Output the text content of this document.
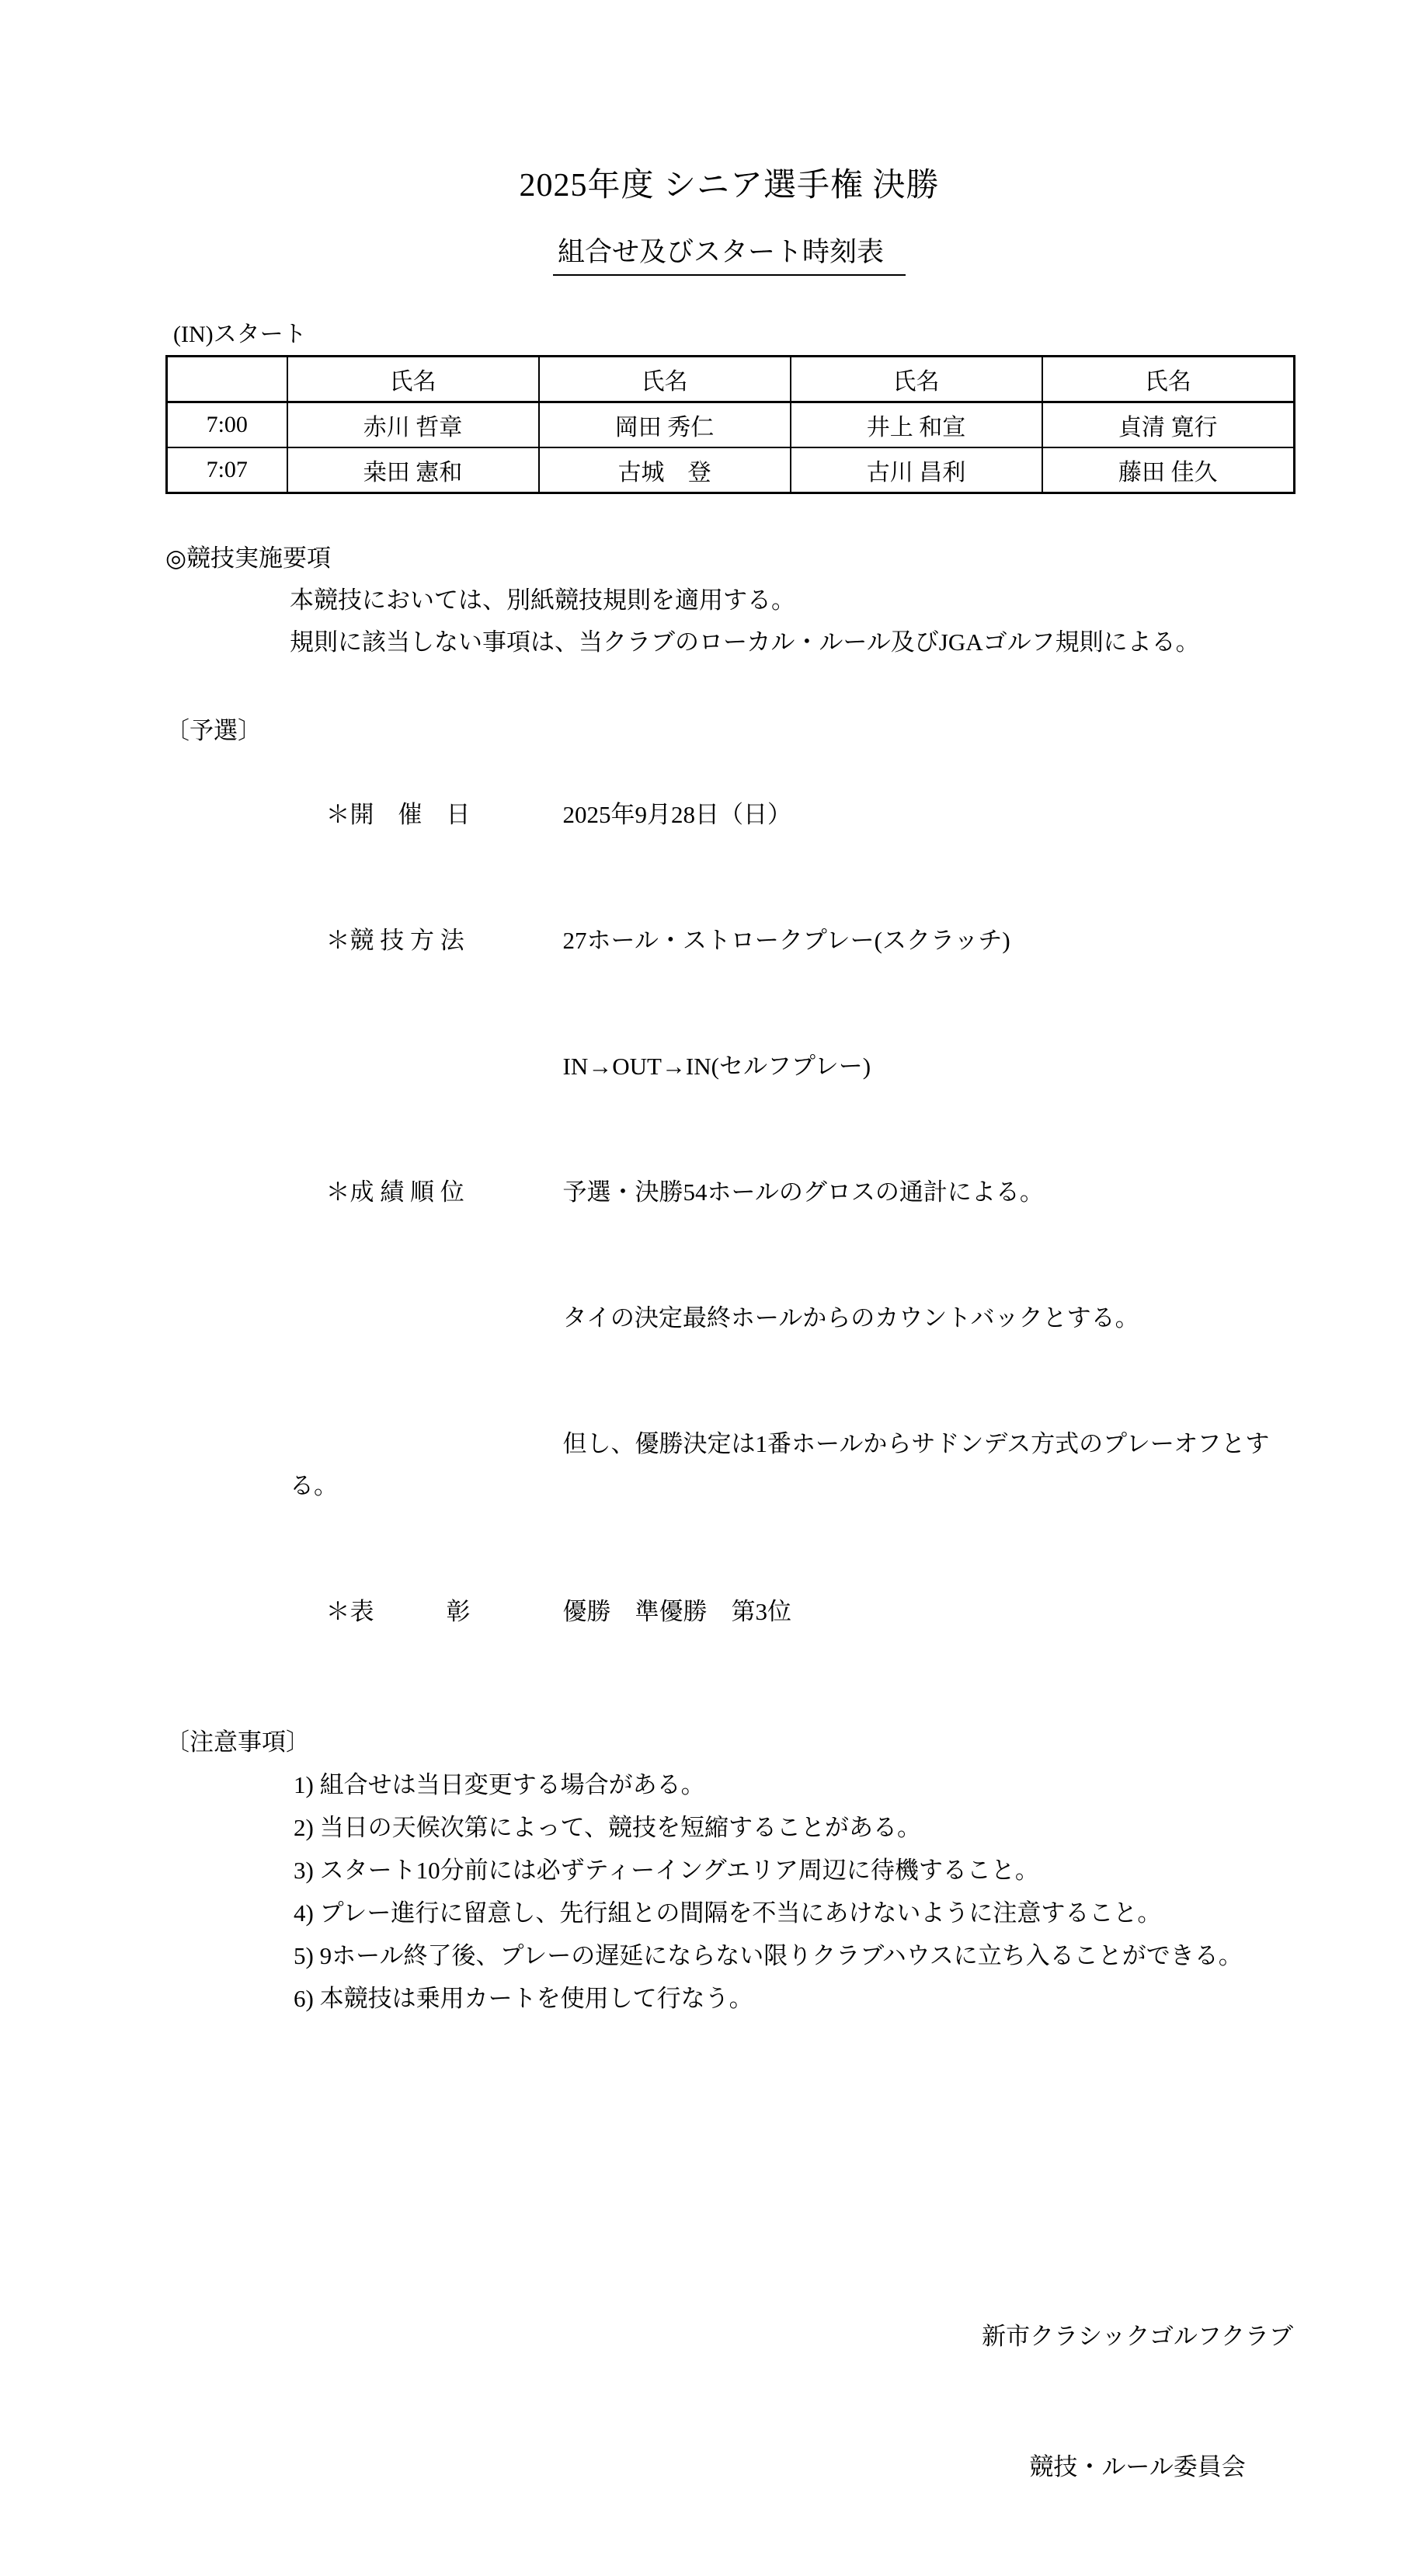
2025年度 シニア選手権 決勝
組合せ及びスタート時刻表
(IN)スタート
	氏名	氏名	氏名	氏名
7:00	赤川 哲章	岡田 秀仁	井上 和宣	貞清 寛行
7:07	桒田 憲和	古城　登	古川 昌利	藤田 佳久
◎競技実施要項
本競技においては、別紙競技規則を適用する。
規則に該当しない事項は、当クラブのローカル・ルール及びJGAゴルフ規則による。
〔予選〕

＊開　催　日	2025年9月28日（日）

＊競 技 方 法	27ホール・ストロークプレー(スクラッチ)

IN→OUT→IN(セルフプレー)

＊成 績 順 位	予選・決勝54ホールのグロスの通計による。

タイの決定最終ホールからのカウントバックとする。

但し、優勝決定は1番ホールからサドンデス方式のプレーオフとする。

＊表　　　彰	優勝　準優勝　第3位

〔注意事項〕
1) 組合せは当日変更する場合がある。
2) 当日の天候次第によって、競技を短縮することがある。
3) スタート10分前には必ずティーイングエリア周辺に待機すること。
4) プレー進行に留意し、先行組との間隔を不当にあけないように注意すること。
5) 9ホール終了後、プレーの遅延にならない限りクラブハウスに立ち入ることができる。
6) 本競技は乗用カートを使用して行なう。

新市クラシックゴルフクラブ

競技・ルール委員会
